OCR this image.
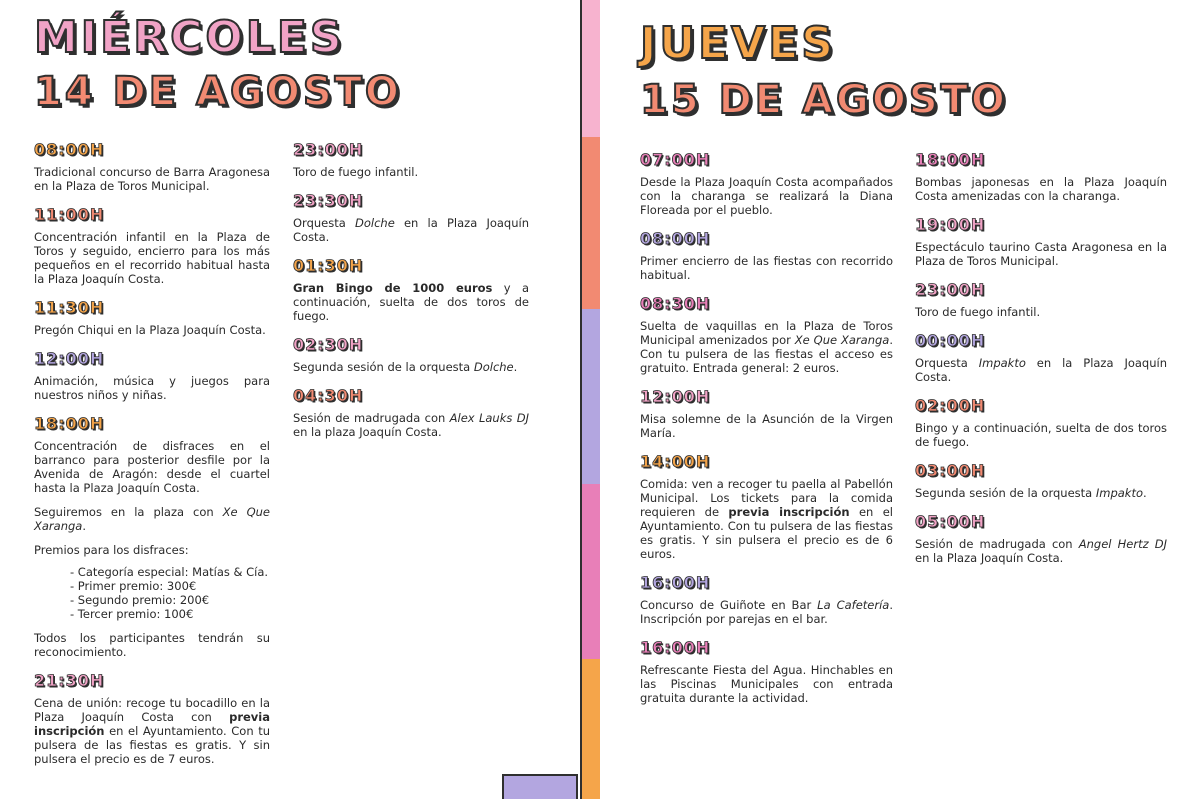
MIÉRCOLES
14 DE AGOSTO
08:00H

Tradicional concurso de Barra Aragonesa en la Plaza de Toros Municipal.

11:00H

Concentración infantil en la Plaza de Toros y seguido, encierro para los más pequeños en el recorrido habitual hasta la Plaza Joaquín Costa.

11:30H

Pregón Chiqui en la Plaza Joaquín Costa.

12:00H

Animación, música y juegos para nuestros niños y niñas.

18:00H

Concentración de disfraces en el barranco para posterior desfile por la Avenida de Aragón: desde el cuartel hasta la Plaza Joaquín Costa.

Seguiremos en la plaza con Xe Que Xaranga.

Premios para los disfraces:

- Categoría especial: Matías & Cía.
- Primer premio: 300€
- Segundo premio: 200€
- Tercer premio: 100€

Todos los participantes tendrán su reconocimiento.

21:30H

Cena de unión: recoge tu bocadillo en la Plaza Joaquín Costa con previa inscripción en el Ayuntamiento. Con tu pulsera de las fiestas es gratis. Y sin pulsera el precio es de 7 euros.

23:00H

Toro de fuego infantil.

23:30H

Orquesta Dolche en la Plaza Joaquín Costa.

01:30H

Gran Bingo de 1000 euros y a continuación, suelta de dos toros de fuego.

02:30H

Segunda sesión de la orquesta Dolche.

04:30H

Sesión de madrugada con Alex Lauks DJ en la plaza Joaquín Costa.

JUEVES
15 DE AGOSTO
07:00H

Desde la Plaza Joaquín Costa acompañados con la charanga se realizará la Diana Floreada por el pueblo.

08:00H

Primer encierro de las fiestas con recorrido habitual.

08:30H

Suelta de vaquillas en la Plaza de Toros Municipal amenizados por Xe Que Xaranga. Con tu pulsera de las fiestas el acceso es gratuito. Entrada general: 2 euros.

12:00H

Misa solemne de la Asunción de la Virgen María.

14:00H

Comida: ven a recoger tu paella al Pabellón Municipal. Los tickets para la comida requieren de previa inscripción en el Ayuntamiento. Con tu pulsera de las fiestas es gratis. Y sin pulsera el precio es de 6 euros.

16:00H

Concurso de Guiñote en Bar La Cafetería. Inscripción por parejas en el bar.

16:00H

Refrescante Fiesta del Agua. Hinchables en las Piscinas Municipales con entrada gratuita durante la actividad.

18:00H

Bombas japonesas en la Plaza Joaquín Costa amenizadas con la charanga.

19:00H

Espectáculo taurino Casta Aragonesa en la Plaza de Toros Municipal.

23:00H

Toro de fuego infantil.

00:00H

Orquesta Impakto en la Plaza Joaquín Costa.

02:00H

Bingo y a continuación, suelta de dos toros de fuego.

03:00H

Segunda sesión de la orquesta Impakto.

05:00H

Sesión de madrugada con Angel Hertz DJ en la Plaza Joaquín Costa.
